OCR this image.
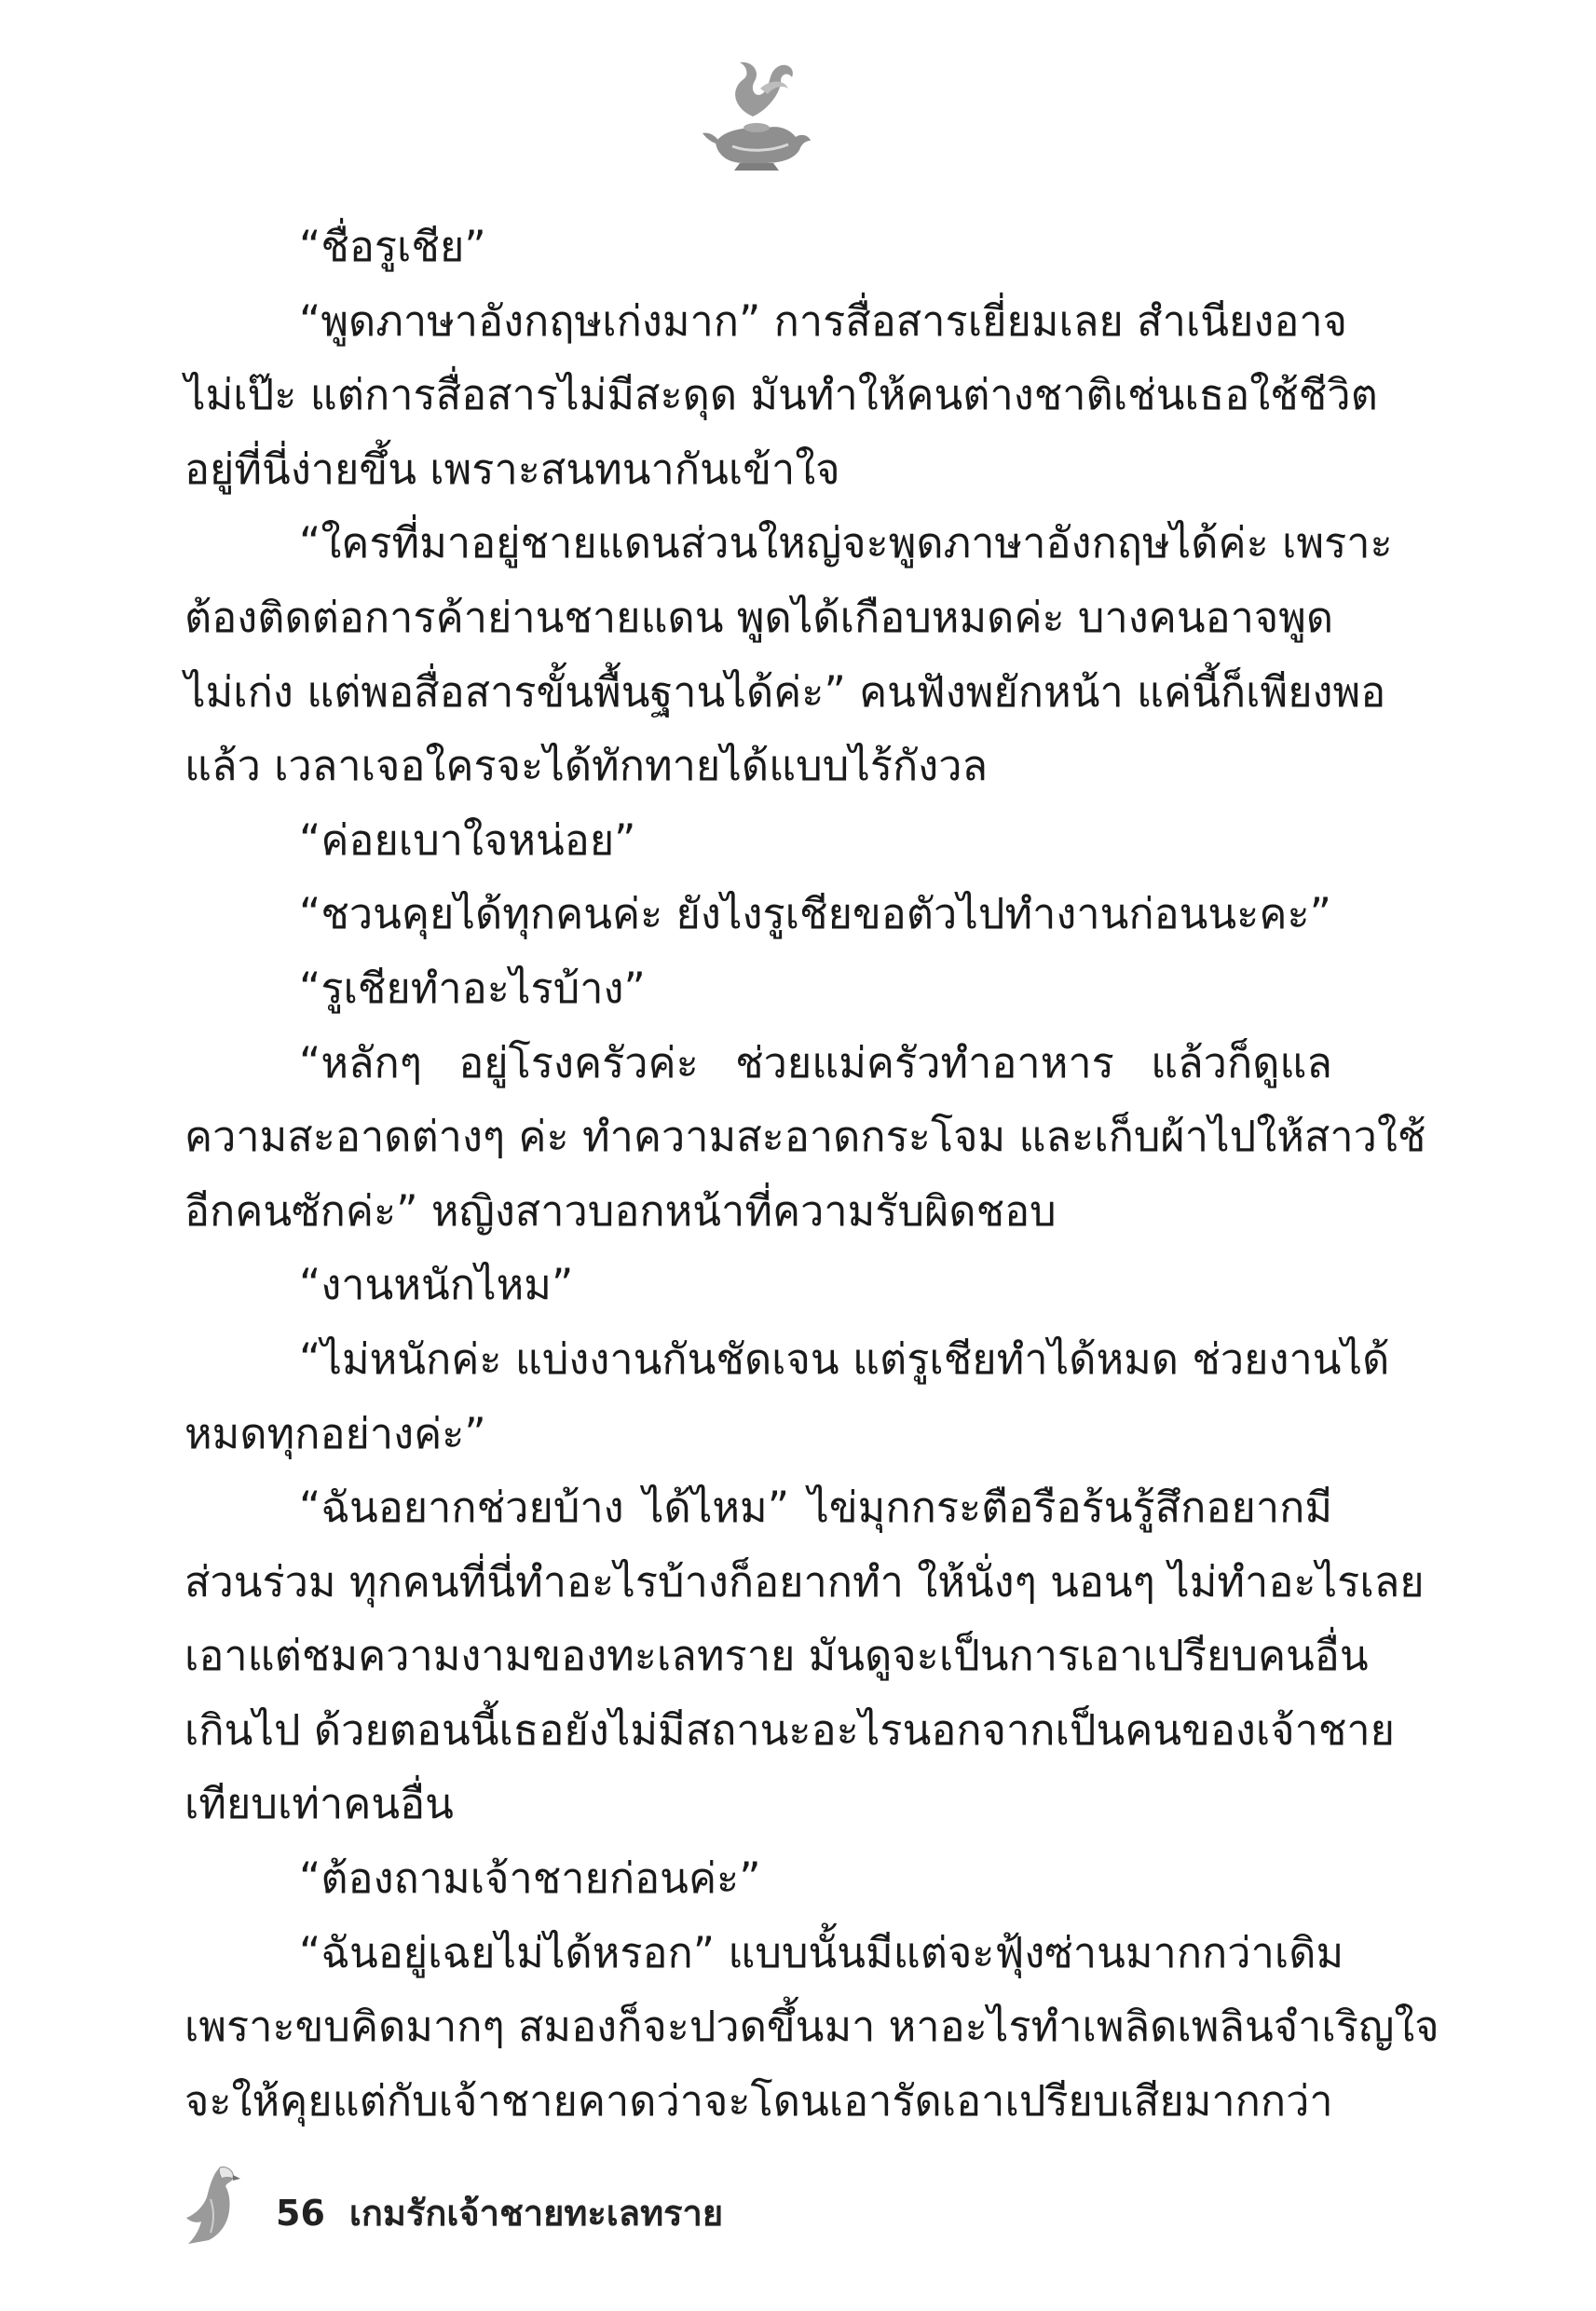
“ชื่อรูเชีย”
“พูดภาษาอังกฤษเก่งมาก” การสื่อสารเยี่ยมเลย สำเนียงอาจ
ไม่เป๊ะ แต่การสื่อสารไม่มีสะดุด มันทำให้คนต่างชาติเช่นเธอใช้ชีวิต
อยู่ที่นี่ง่ายขึ้น เพราะสนทนากันเข้าใจ
“ใครที่มาอยู่ชายแดนส่วนใหญ่จะพูดภาษาอังกฤษได้ค่ะ เพราะ
ต้องติดต่อการค้าย่านชายแดน พูดได้เกือบหมดค่ะ บางคนอาจพูด
ไม่เก่ง แต่พอสื่อสารขั้นพื้นฐานได้ค่ะ” คนฟังพยักหน้า แค่นี้ก็เพียงพอ
แล้ว เวลาเจอใครจะได้ทักทายได้แบบไร้กังวล
“ค่อยเบาใจหน่อย”
“ชวนคุยได้ทุกคนค่ะ ยังไงรูเชียขอตัวไปทำงานก่อนนะคะ”
“รูเชียทำอะไรบ้าง”
“หลักๆ อยู่โรงครัวค่ะ ช่วยแม่ครัวทำอาหาร แล้วก็ดูแล
ความสะอาดต่างๆ ค่ะ ทำความสะอาดกระโจม และเก็บผ้าไปให้สาวใช้
อีกคนซักค่ะ” หญิงสาวบอกหน้าที่ความรับผิดชอบ
“งานหนักไหม”
“ไม่หนักค่ะ แบ่งงานกันชัดเจน แต่รูเชียทำได้หมด ช่วยงานได้
หมดทุกอย่างค่ะ”
“ฉันอยากช่วยบ้าง ได้ไหม” ไข่มุกกระตือรือร้นรู้สึกอยากมี
ส่วนร่วม ทุกคนที่นี่ทำอะไรบ้างก็อยากทำ ให้นั่งๆ นอนๆ ไม่ทำอะไรเลย
เอาแต่ชมความงามของทะเลทราย มันดูจะเป็นการเอาเปรียบคนอื่น
เกินไป ด้วยตอนนี้เธอยังไม่มีสถานะอะไรนอกจากเป็นคนของเจ้าชาย
เทียบเท่าคนอื่น
“ต้องถามเจ้าชายก่อนค่ะ”
“ฉันอยู่เฉยไม่ได้หรอก” แบบนั้นมีแต่จะฟุ้งซ่านมากกว่าเดิม
เพราะขบคิดมากๆ สมองก็จะปวดขึ้นมา หาอะไรทำเพลิดเพลินจำเริญใจ
จะให้คุยแต่กับเจ้าชายคาดว่าจะโดนเอารัดเอาเปรียบเสียมากกว่า
56 เกมรักเจ้าชายทะเลทราย
